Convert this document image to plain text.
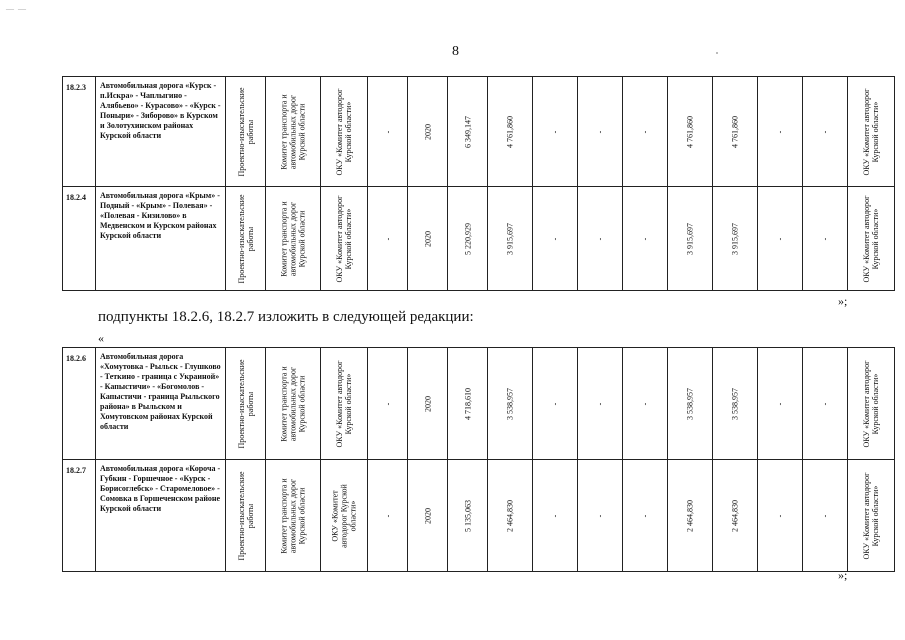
— —
8
18.2.3	Автомобильная дорога «Курск - п.Искра» - Чаплыгино - Алябьево» - Курасово» - «Курск - Поныри» - Зиборово» в Курском и Золотухинском районах Курской области	Проектно-изыскательские работы	Комитет транспорта и автомобильных дорог Курской области	ОКУ «Комитет автодорог Курской области»	-	2020	6 349,147	4 761,860	-	-	-	4 761,860	4 761,860	-	-	ОКУ «Комитет автодорог Курской области»

18.2.4	Автомобильная дорога «Крым» - Подный - «Крым» - Полевая» - «Полевая - Кизилово» в Медвенском и Курском районах Курской области	Проектно-изыскательские работы	Комитет транспорта и автомобильных дорог Курской области	ОКУ «Комитет автодорог Курской области»	-	2020	5 220,929	3 915,697	-	-	-	3 915,697	3 915,697	-	-	ОКУ «Комитет автодорог Курской области»
»;
подпункты 18.2.6, 18.2.7 изложить в следующей редакции:
«
18.2.6	Автомобильная дорога «Хомутовка - Рыльск - Глушково - Теткино - граница с Украиной» - Капыстичи» - «Богомолов - Капыстичи - граница Рыльского района» в Рыльском и Хомутовском районах Курской области	Проектно-изыскательские работы	Комитет транспорта и автомобильных дорог Курской области	ОКУ «Комитет автодорог Курской области»	-	2020	4 718,610	3 538,957	-	-	-	3 538,957	3 538,957	-	-	ОКУ «Комитет автодорог Курской области»

18.2.7	Автомобильная дорога «Короча - Губкин - Горшечное - «Курск - Борисоглебск» - Старомеловое» - Сомовка в Горшеченском районе Курской области	Проектно-изыскательские работы	Комитет транспорта и автомобильных дорог Курской области	ОКУ «Комитет автодорог Курской области»	-	2020	5 135,063	2 464,830	-	-	-	2 464,830	2 464,830	-	-	ОКУ «Комитет автодорог Курской области»
»;
